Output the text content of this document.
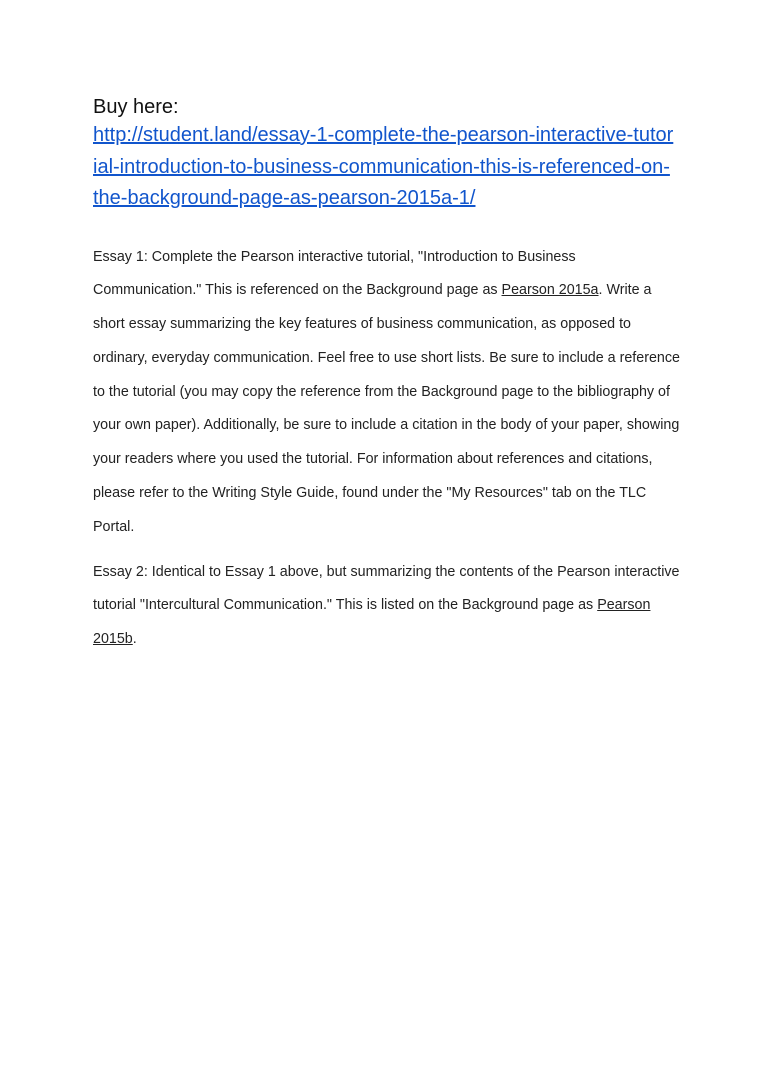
Buy here:

http://student.land/essay-1-complete-the-pearson-interactive-tutorial-introduction-to-business-communication-this-is-referenced-on-the-background-page-as-pearson-2015a-1/

Essay 1: Complete the Pearson interactive tutorial, "Introduction to Business Communication." This is referenced on the Background page as Pearson 2015a. Write a short essay summarizing the key features of business communication, as opposed to ordinary, everyday communication. Feel free to use short lists. Be sure to include a reference to the tutorial (you may copy the reference from the Background page to the bibliography of your own paper). Additionally, be sure to include a citation in the body of your paper, showing your readers where you used the tutorial. For information about references and citations, please refer to the Writing Style Guide, found under the "My Resources" tab on the TLC Portal.

Essay 2: Identical to Essay 1 above, but summarizing the contents of the Pearson interactive tutorial "Intercultural Communication." This is listed on the Background page as Pearson 2015b.
